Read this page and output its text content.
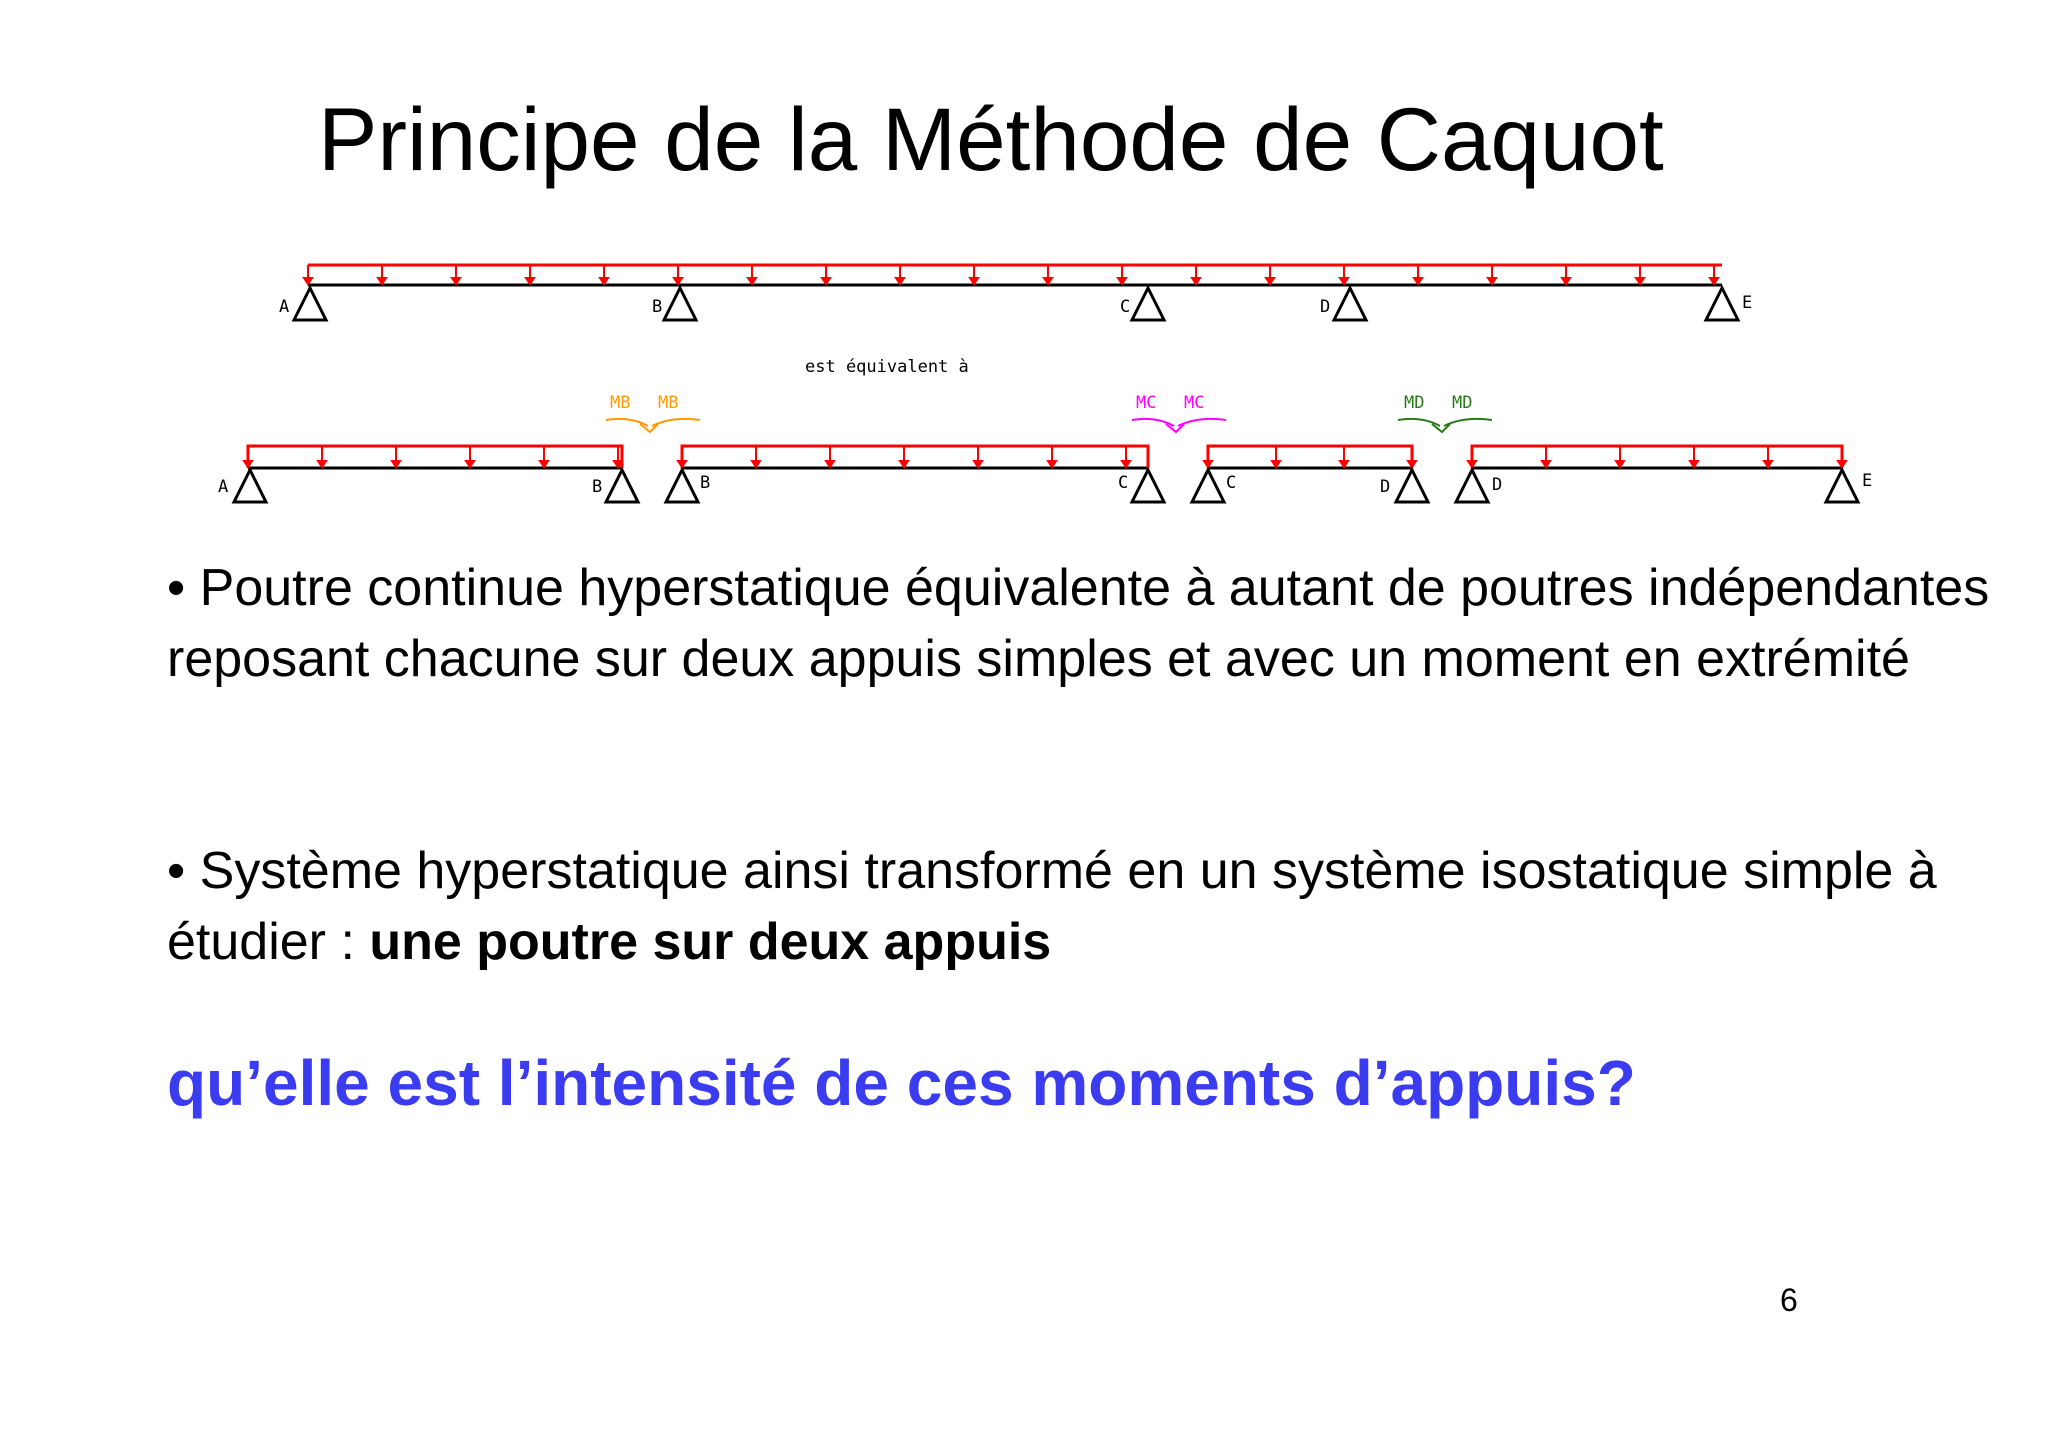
Principe de la Méthode de Caquot
A	B	C	D	E
est équivalent à
A	B	B	C	C	D	D	E
MB MB	MC MC	MD MD
• Poutre continue hyperstatique équivalente à autant de poutres indépendantes reposant chacune sur deux appuis simples et avec un moment en extrémité
• Système hyperstatique ainsi transformé en un système isostatique simple à étudier : une poutre sur deux appuis
qu’elle est l’intensité de ces moments d’appuis?
6
